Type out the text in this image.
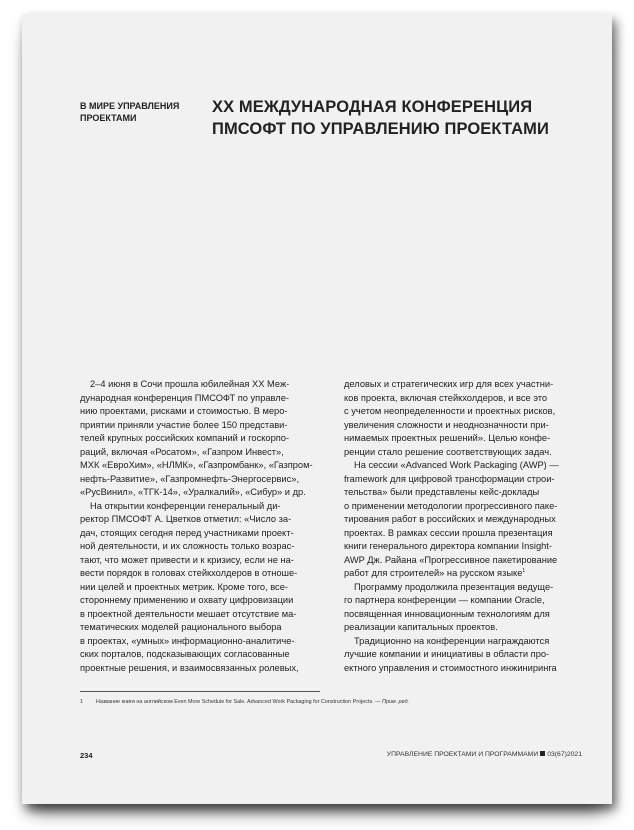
В МИРЕ УПРАВЛЕНИЯ
ПРОЕКТАМИ
XX МЕЖДУНАРОДНАЯ КОНФЕРЕНЦИЯ
ПМСОФТ ПО УПРАВЛЕНИЮ ПРОЕКТАМИ
2–4 июня в Сочи прошла юбилейная XX Меж-
дународная конференция ПМСОФТ по управле-
нию проектами, рисками и стоимостью. В меро-
приятии приняли участие более 150 представи-
телей крупных российских компаний и госкорпо-
раций, включая «Росатом», «Газпром Инвест»,
МХК «ЕвроХим», «НЛМК», «Газпромбанк», «Газпром-
нефть-Развитие», «Газпромнефть-Энергосервис»,
«РусВинил», «ТГК-14», «Уралкалий», «Сибур» и др.
На открытии конференции генеральный ди-
ректор ПМСОФТ А. Цветков отметил: «Число за-
дач, стоящих сегодня перед участниками проект-
ной деятельности, и их сложность только возрас-
тают, что может привести и к кризису, если не на-
вести порядок в головах стейкхолдеров в отноше-
нии целей и проектных метрик. Кроме того, всe-
стороннему применению и охвату цифровизации
в проектной деятельности мешает отсутствие ма-
тематических моделей рационального выбора
в проектах, «умных» информационно-аналитиче-
ских порталов, подсказывающих согласованные
проектные решения, и взаимосвязанных ролевых,
деловых и стратегических игр для всех участни-
ков проекта, включая стейкхолдеров, и все это
с учетом неопределенности и проектных рисков,
увеличения сложности и неоднозначности при-
нимаемых проектных решений». Целью конфе-
ренции стало решение соответствующих задач.
На сессии «Advanced Work Packaging (AWP) —
framework для цифровой трансформации строи-
тельства» были представлены кейс-доклады
о применении методологии прогрессивного паке-
тирования работ в российских и международных
проектах. В рамках сессии прошла презентация
книги генерального директора компании Insight-
AWP Дж. Райана «Прогрессивное пакетирование
работ для строителей» на русском языке$^1$
Программу продолжила презентация ведуще-
го партнера конференции — компании Oracle,
посвященная инновационным технологиям для
реализации капитальных проектов.
Традиционно на конференции награждаются
лучшие компании и инициативы в области про-
ектного управления и стоимостного инжиниринга
1 Название книги на английском Even More Schedule for Sale. Advanced Work Packaging for Construction Projects. — Прим. ред.
234	УПРАВЛЕНИЕ ПРОЕКТАМИ И ПРОГРАММАМИ 03(67)2021
